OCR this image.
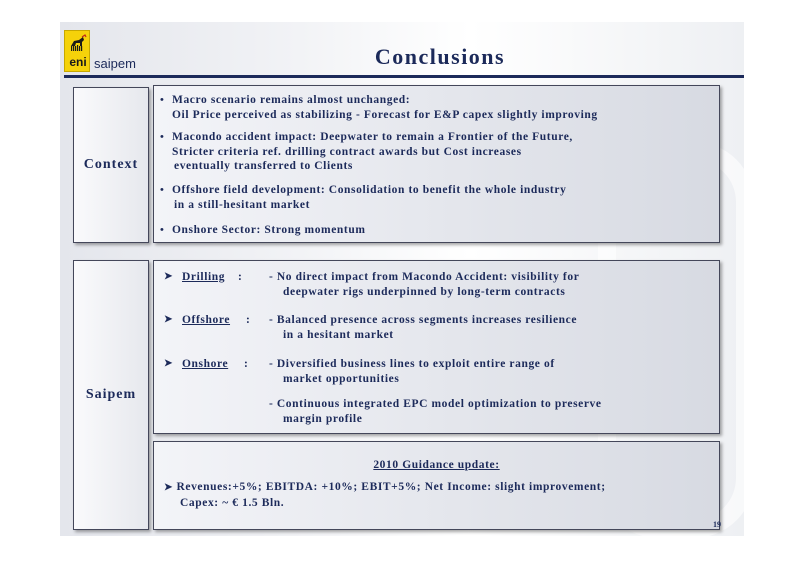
eni saipem	Conclusions
Context
• Macro scenario remains almost unchanged:
Oil Price perceived as stabilizing - Forecast for E&P capex slightly improving
• Macondo accident impact: Deepwater to remain a Frontier of the Future,
Stricter criteria ref. drilling contract awards but Cost increases
eventually transferred to Clients
• Offshore field development: Consolidation to benefit the whole industry
in a still-hesitant market
• Onshore Sector: Strong momentum
Saipem
➤ Drilling : - No direct impact from Macondo Accident: visibility for
deepwater rigs underpinned by long-term contracts
➤ Offshore : - Balanced presence across segments increases resilience
in a hesitant market
➤ Onshore : - Diversified business lines to exploit entire range of
market opportunities
- Continuous integrated EPC model optimization to preserve
margin profile
2010 Guidance update:
➤ Revenues:+5%; EBITDA: +10%; EBIT+5%; Net Income: slight improvement;
Capex: ~ € 1.5 Bln.
19
